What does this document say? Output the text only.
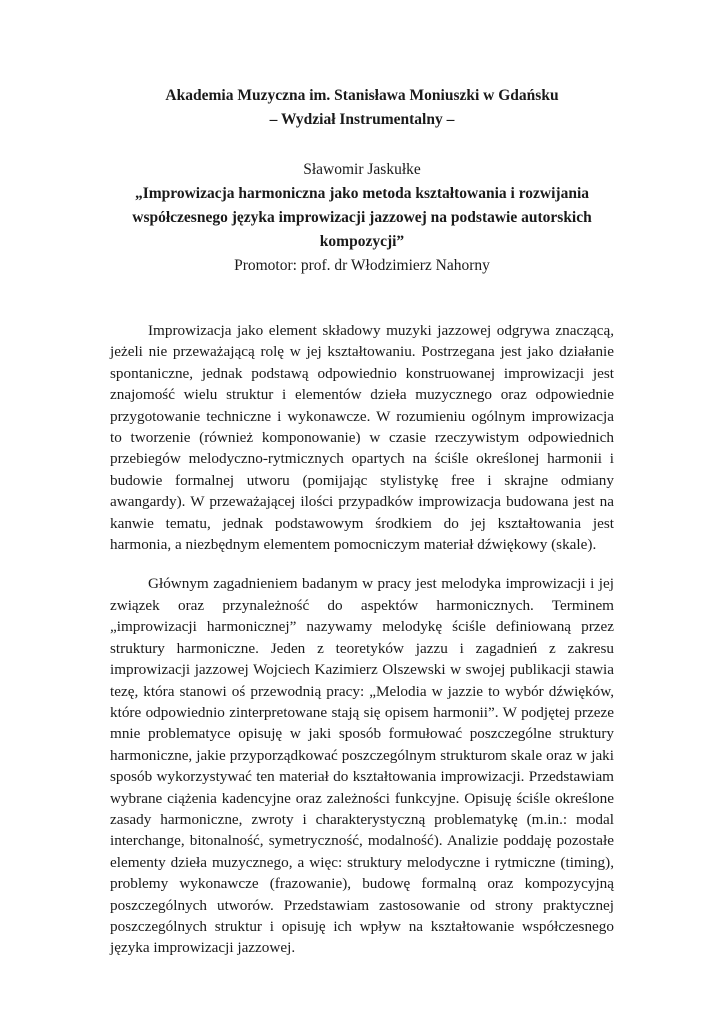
Akademia Muzyczna im. Stanisława Moniuszki w Gdańsku
– Wydział Instrumentalny –
Sławomir Jaskułke
„Improwizacja harmoniczna jako metoda kształtowania i rozwijania
współczesnego języka improwizacji jazzowej na podstawie autorskich
kompozycji”
Promotor: prof. dr Włodzimierz Nahorny

Improwizacja jako element składowy muzyki jazzowej odgrywa znaczącą, jeżeli nie przeważającą rolę w jej kształtowaniu. Postrzegana jest jako działanie spontaniczne, jednak podstawą odpowiednio konstruowanej improwizacji jest znajomość wielu struktur i elementów dzieła muzycznego oraz odpowiednie przygotowanie techniczne i wykonawcze. W rozumieniu ogólnym improwizacja to tworzenie (również komponowanie) w czasie rzeczywistym odpowiednich przebiegów melodyczno-rytmicznych opartych na ściśle określonej harmonii i budowie formalnej utworu (pomijając stylistykę free i skrajne odmiany awangardy). W przeważającej ilości przypadków improwizacja budowana jest na kanwie tematu, jednak podstawowym środkiem do jej kształtowania jest harmonia, a niezbędnym elementem pomocniczym materiał dźwiękowy (skale).

Głównym zagadnieniem badanym w pracy jest melodyka improwizacji i jej związek oraz przynależność do aspektów harmonicznych. Terminem „improwizacji harmonicznej” nazywamy melodykę ściśle definiowaną przez struktury harmoniczne. Jeden z teoretyków jazzu i zagadnień z zakresu improwizacji jazzowej Wojciech Kazimierz Olszewski w swojej publikacji stawia tezę, która stanowi oś przewodnią pracy: „Melodia w jazzie to wybór dźwięków, które odpowiednio zinterpretowane stają się opisem harmonii”. W podjętej przeze mnie problematyce opisuję w jaki sposób formułować poszczególne struktury harmoniczne, jakie przyporządkować poszczególnym strukturom skale oraz w jaki sposób wykorzystywać ten materiał do kształtowania improwizacji. Przedstawiam wybrane ciążenia kadencyjne oraz zależności funkcyjne. Opisuję ściśle określone zasady harmoniczne, zwroty i charakterystyczną problematykę (m.in.: modal interchange, bitonalność, symetryczność, modalność). Analizie poddaję pozostałe elementy dzieła muzycznego, a więc: struktury melodyczne i rytmiczne (timing), problemy wykonawcze (frazowanie), budowę formalną oraz kompozycyjną poszczególnych utworów. Przedstawiam zastosowanie od strony praktycznej poszczególnych struktur i opisuję ich wpływ na kształtowanie współczesnego języka improwizacji jazzowej.
